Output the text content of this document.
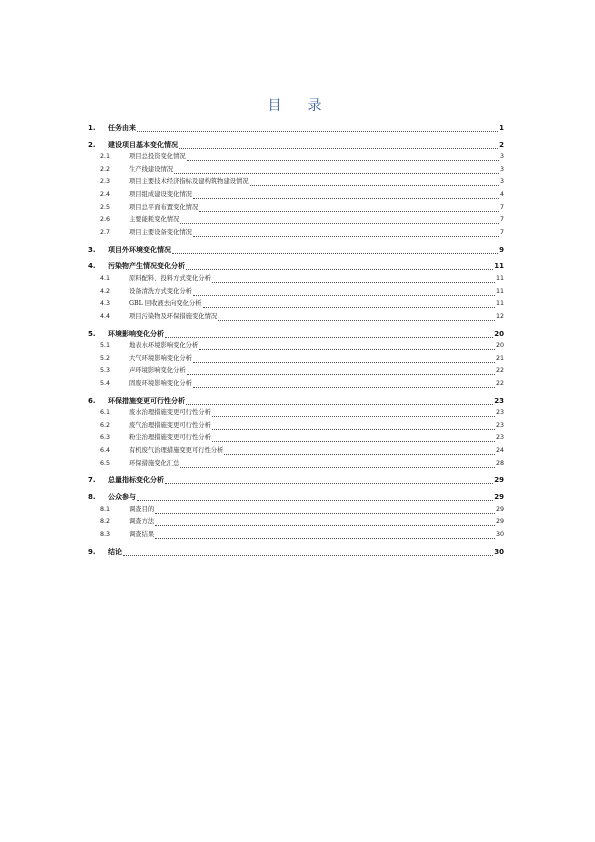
目　录
1.	任务由来	1
2.	建设项目基本变化情况	2
2.1	项目总投资变化情况	3
2.2	生产线建设情况	3
2.3	项目主要技术经济指标及建构筑物建设情况	3
2.4	项目组成建设变化情况	4
2.5	项目总平面布置变化情况	7
2.6	主要能耗变化情况	7
2.7	项目主要设备变化情况	7
3.	项目外环境变化情况	9
4.	污染物产生情况变化分析	11
4.1	原料配料、投料方式变化分析	11
4.2	设备清洗方式变化分析	11
4.3	GBL 回收液去向变化分析	11
4.4	项目污染物及环保措施变化情况	12
5.	环境影响变化分析	20
5.1	地表水环境影响变化分析	20
5.2	大气环境影响变化分析	21
5.3	声环境影响变化分析	22
5.4	固废环境影响变化分析	22
6.	环保措施变更可行性分析	23
6.1	废水治理措施变更可行性分析	23
6.2	废气治理措施变更可行性分析	23
6.3	粉尘治理措施变更可行性分析	23
6.4	有机废气治理措施变更可行性分析	24
6.5	环保措施变化汇总	28
7.	总量指标变化分析	29
8.	公众参与	29
8.1	调查目的	29
8.2	调查方法	29
8.3	调查结果	30
9.	结论	30
